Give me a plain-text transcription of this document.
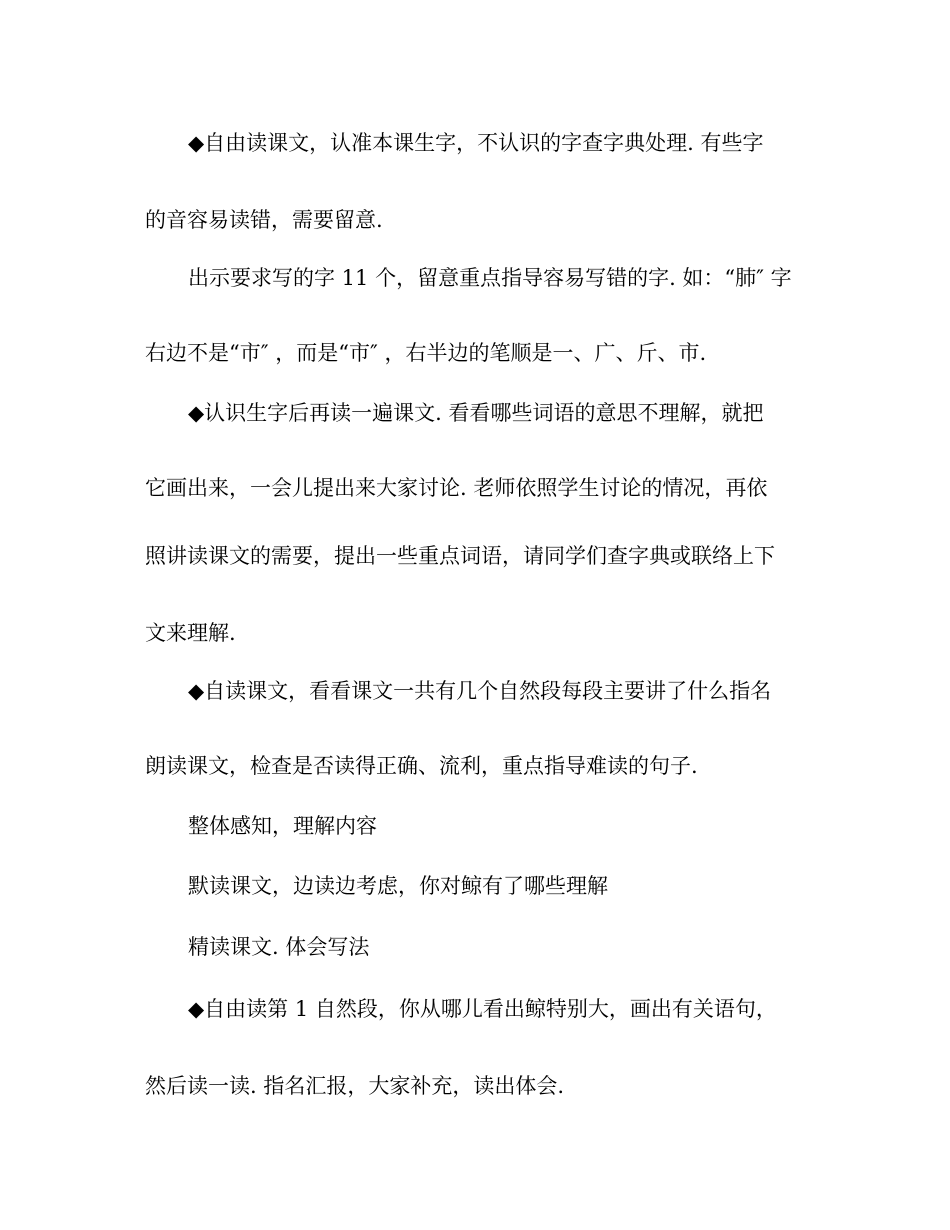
◆自由读课文，认准本课生字，不认识的字查字典处理. 有些字
的音容易读错，需要留意.
出示要求写的字 11 个，留意重点指导容易写错的字. 如：“肺″ 字
右边不是“市″ ，而是“市″ ，右半边的笔顺是一、广、斤、市.
◆认识生字后再读一遍课文. 看看哪些词语的意思不理解，就把
它画出来，一会儿提出来大家讨论. 老师依照学生讨论的情况，再依
照讲读课文的需要，提出一些重点词语，请同学们查字典或联络上下
文来理解.
◆自读课文，看看课文一共有几个自然段每段主要讲了什么指名
朗读课文，检查是否读得正确、流利，重点指导难读的句子.
整体感知，理解内容
默读课文，边读边考虑，你对鲸有了哪些理解
精读课文. 体会写法
◆自由读第 1 自然段，你从哪儿看出鲸特别大，画出有关语句，
然后读一读. 指名汇报，大家补充，读出体会.
